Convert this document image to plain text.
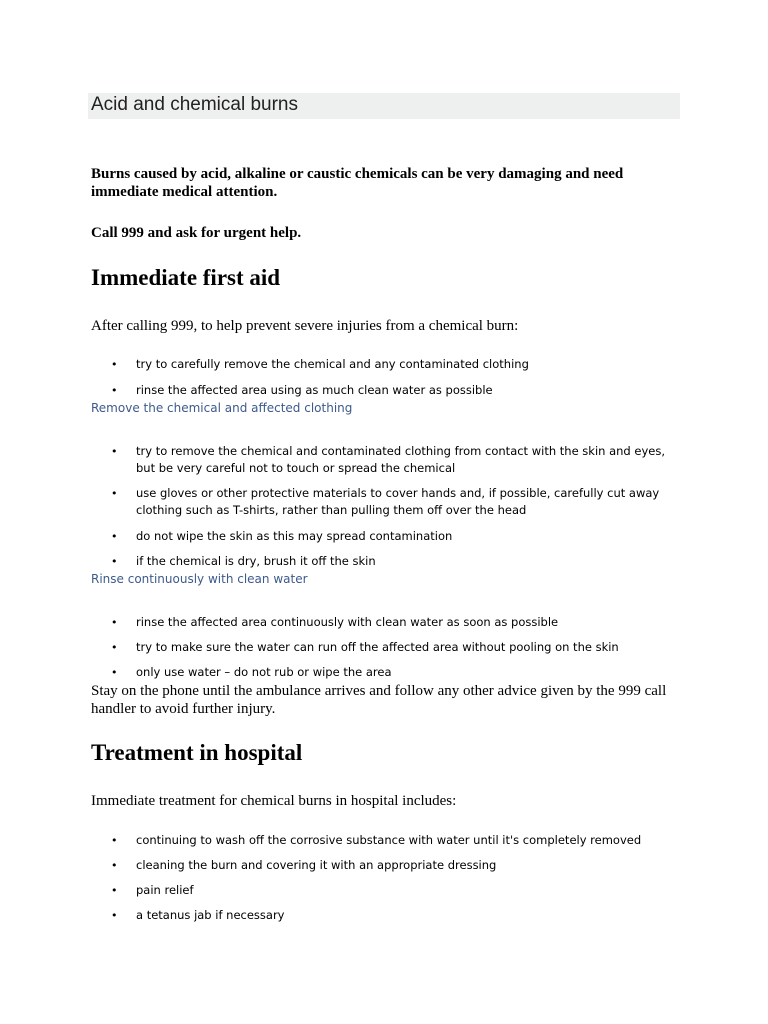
Acid and chemical burns
Burns caused by acid, alkaline or caustic chemicals can be very damaging and need immediate medical attention.
Call 999 and ask for urgent help.
Immediate first aid
After calling 999, to help prevent severe injuries from a chemical burn:
• try to carefully remove the chemical and any contaminated clothing
• rinse the affected area using as much clean water as possible
Remove the chemical and affected clothing
• try to remove the chemical and contaminated clothing from contact with the skin and eyes, but be very careful not to touch or spread the chemical
• use gloves or other protective materials to cover hands and, if possible, carefully cut away clothing such as T-shirts, rather than pulling them off over the head
• do not wipe the skin as this may spread contamination
• if the chemical is dry, brush it off the skin
Rinse continuously with clean water
• rinse the affected area continuously with clean water as soon as possible
• try to make sure the water can run off the affected area without pooling on the skin
• only use water – do not rub or wipe the area
Stay on the phone until the ambulance arrives and follow any other advice given by the 999 call handler to avoid further injury.
Treatment in hospital
Immediate treatment for chemical burns in hospital includes:
• continuing to wash off the corrosive substance with water until it's completely removed
• cleaning the burn and covering it with an appropriate dressing
• pain relief
• a tetanus jab if necessary
